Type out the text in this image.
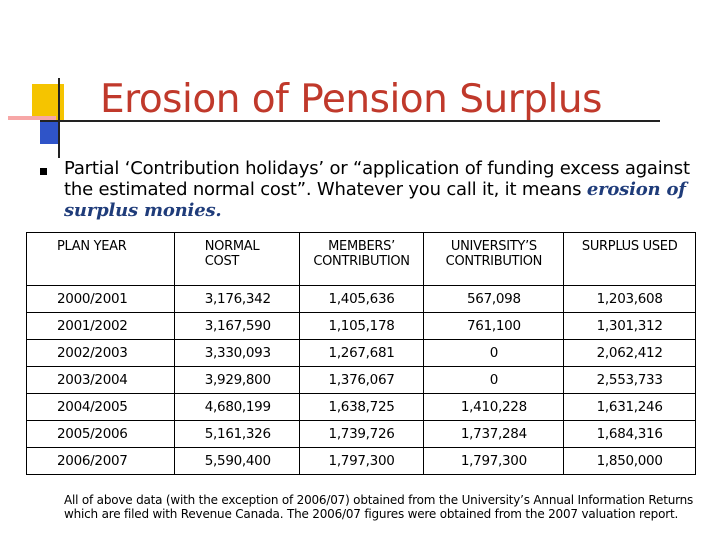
Erosion of Pension Surplus
Partial ‘Contribution holidays’ or “application of funding excess against the estimated normal cost”. Whatever you call it, it means erosion of surplus monies.
PLAN YEAR	NORMAL COST	MEMBERS’ CONTRIBUTION	UNIVERSITY’S CONTRIBUTION	SURPLUS USED
2000/2001	3,176,342	1,405,636	567,098	1,203,608
2001/2002	3,167,590	1,105,178	761,100	1,301,312
2002/2003	3,330,093	1,267,681	0	2,062,412
2003/2004	3,929,800	1,376,067	0	2,553,733
2004/2005	4,680,199	1,638,725	1,410,228	1,631,246
2005/2006	5,161,326	1,739,726	1,737,284	1,684,316
2006/2007	5,590,400	1,797,300	1,797,300	1,850,000
All of above data (with the exception of 2006/07) obtained from the University’s Annual Information Returns which are filed with Revenue Canada. The 2006/07 figures were obtained from the 2007 valuation report.
